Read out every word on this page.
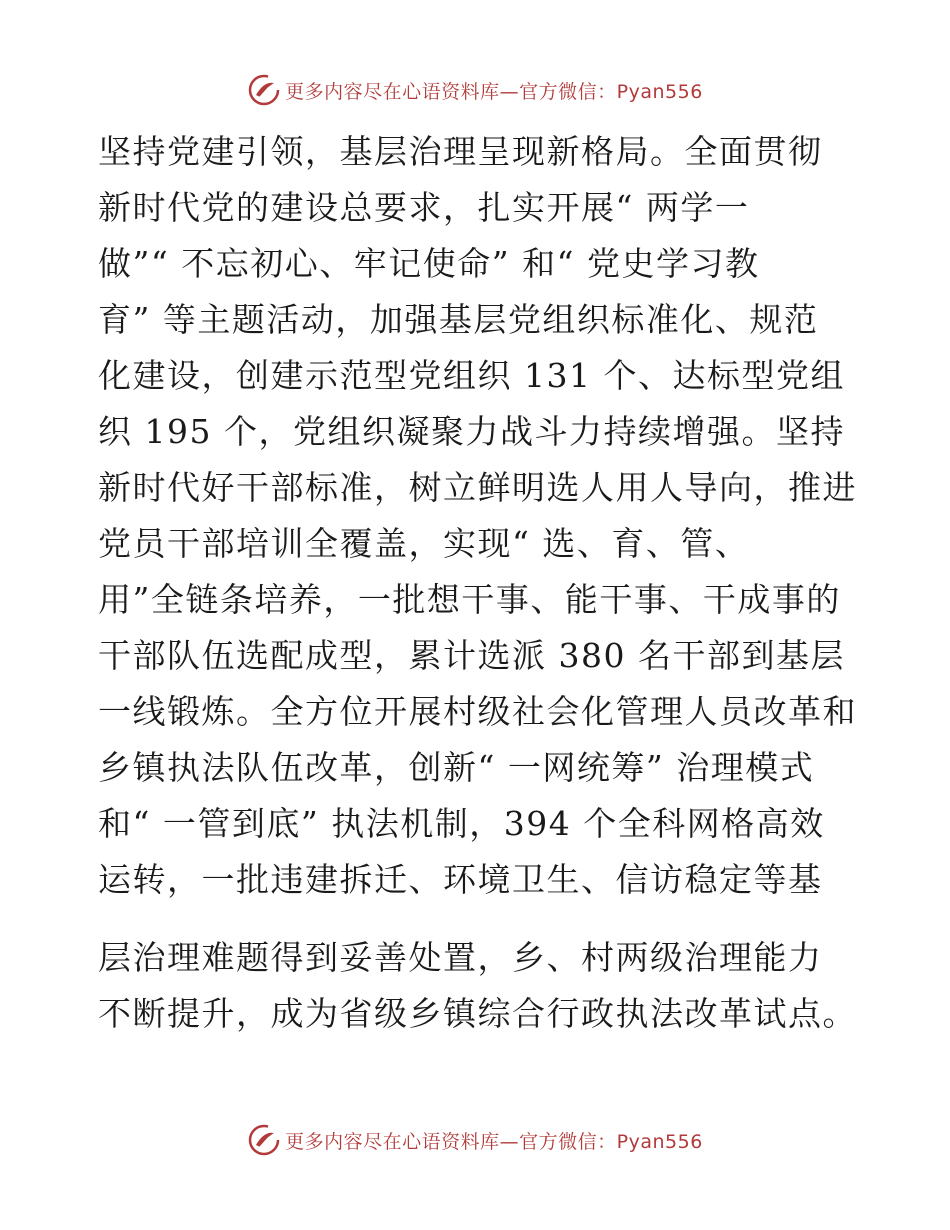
更多内容尽在心语资料库—官方微信：Pyan556
坚持党建引领，基层治理呈现新格局。全面贯彻
新时代党的建设总要求，扎实开展“ 两学一
做”“ 不忘初心、牢记使命” 和“ 党史学习教
育” 等主题活动，加强基层党组织标准化、规范
化建设，创建示范型党组织 131 个、达标型党组
织 195 个，党组织凝聚力战斗力持续增强。坚持
新时代好干部标准，树立鲜明选人用人导向，推进
党员干部培训全覆盖，实现“ 选、育、管、
用”全链条培养，一批想干事、能干事、干成事的
干部队伍选配成型，累计选派 380 名干部到基层
一线锻炼。全方位开展村级社会化管理人员改革和
乡镇执法队伍改革，创新“ 一网统筹” 治理模式
和“ 一管到底” 执法机制，394 个全科网格高效
运转，一批违建拆迁、环境卫生、信访稳定等基
层治理难题得到妥善处置，乡、村两级治理能力
不断提升，成为省级乡镇综合行政执法改革试点。
更多内容尽在心语资料库—官方微信：Pyan556
